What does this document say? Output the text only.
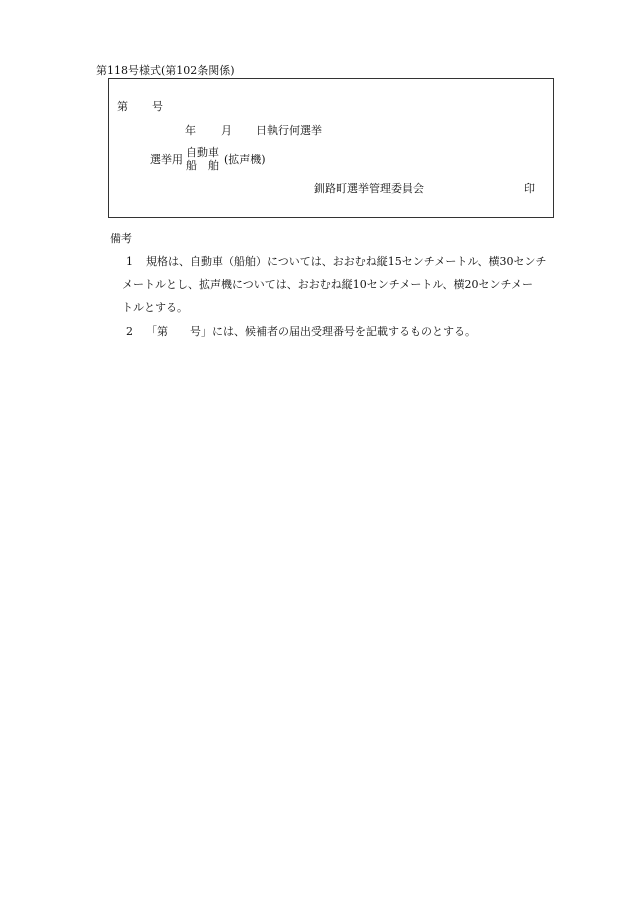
第118号様式(第102条関係)
第 号
年 月 日執行何選挙
選挙用
自動車
船　舶 (拡声機)
釧路町選挙管理委員会	印
備考
1 規格は、自動車（船舶）については、おおむね縦15センチメートル、横30センチ
メートルとし、拡声機については、おおむね縦10センチメートル、横20センチメー
トルとする。
2 「第　　号」には、候補者の届出受理番号を記載するものとする。
